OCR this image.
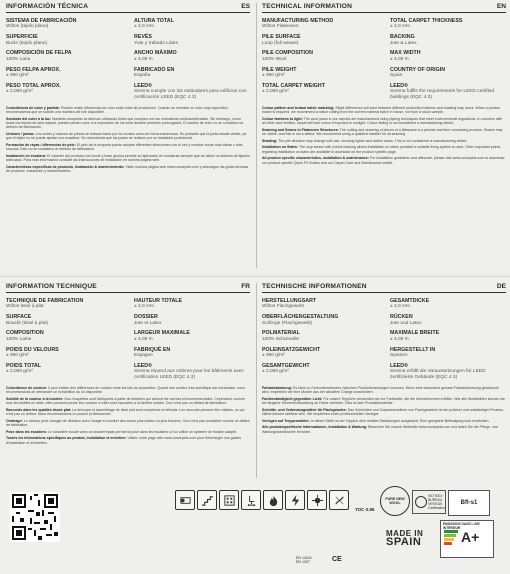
INFORMACIÓN TÉCNICA	ES
SISTEMA DE FABRICACIÓN
Wilton (tejido plano)
ALTURA TOTAL
± 4,0 mm
SUPERFICIE
Bucle (tejido plano)
REVÉS
Yute y trabado Látex
COMPOSICIÓN DE FELPA
100% Lana
ANCHO MÁXIMO
± 4,00 m
PESO FELPA APROX.
± 900 g/m²
FABRICADO EN
España
PESO TOTAL APROX.
± 2.000 g/m²
LEED®
Serena cumple con los estándares para edificios con certificación LEED (EQC 4.3)

Coincidencia de color y partida: Pueden existir diferencias de color entre lotes de producción. Cuando se necesite un color muy específico, recomendamos que se solicite una muestra del lote disponible.

Sombras del color a la luz: Nuestras moquetas se fabrican utilizando tintes que cumplen con las normativas medioambientales. Sin embargo, como todos los tejidos de lana natural, pueden perder color a la exposición de luz solar durante periodos prolongados. El cambio de color no se considera un defecto de fabricación.

Uniones / juntas: Los cortes y uniones de piezas se realizan tanto por los bordes como de forma transversal. Es probable que la junta resulte visible, ya que el tejido no se puede ajustar con exactitud. Se recomienda que las juntas se realicen por un instalador profesional.

Formación de rayas / diferencias de pelo: El pelo de la moqueta puede adoptar diferentes direcciones con el uso y mostrar zonas más claras o más oscuras. Esto no se considera un defecto de fabricación.

Instalación en escalera: El carácter del producto con bucle y base gruesa permite su aplicación en escaleras siempre que se utilice un sistema de fijación adecuado. Para más información consulte las instrucciones de instalación en nuestra página web.

Características específicas de producto, instalación & mantenimiento: Visite nuestra página web www.nocarpets.com y descargue las guías técnicas de producto, instalación y mantenimiento.

TECHNICAL INFORMATION	EN
MANUFACTURING METHOD
Wilton Flatwoven
TOTAL CARPET THICKNESS
± 4,0 mm
PILE SURFACE
Loop (full weave)
BACKING
Jute & Latex
PILE COMPOSITION
100% Wool
MAX WIDTH
± 4,00 m
PILE WEIGHT
± 900 g/m²
COUNTRY OF ORIGIN
Spain
TOTAL CARPET WEIGHT
± 2.000 g/m²
LEED®
Serena fulfils the requirements for LEED certified buildings (EQC 4.3)

Colour pattern and textual batch matching: Slight differences will exist between different production batches and shading may occur. When a precise match is required, we recommend a batch cutting from the current material batch in house, not from a stock sample.

Colour fastness to light: The wool yarns in our carpets are manufactured using dyeing techniques that meet environmental regulations. In common with all other wool textiles, carpet will lose colour if exposed to sunlight. Colour fading is not considered a manufacturing defect.

Seaming and Seams in Flatwoven Structures: The cutting and seaming of pieces of a flatweave is a precise and time consuming process. Seams may be visible, and this is not a defect. We recommend using a qualified installer for all seaming.

Shading: The pile direction may change with use, showing lighter and darker areas. This is not considered a manufacturing defect.

Installation on Stairs: The loop weave with a thick backing allows installation on stairs provided a suitable fixing system is used. Other important points regarding installation on stairs are available to download on the product specific page.

All product specific characteristics, installation & maintenance: For installation guidelines and aftercare, please visit www.nocarpets.com to download our product specific Quick Fit Guides and our Carpet Care and Maintenance leaflet.

INFORMATION TECHNIQUE	FR
TECHNIQUE DE FABRICATION
Wilton tissé à plat
HAUTEUR TOTALE
± 4,0 mm
SURFACE
Bouclé (tissé à plat)
DOSSIER
Jute et Latex
COMPOSITION
100% Laine
LARGEUR MAXIMALE
± 4,00 m
POIDS DU VELOURS
± 900 g/m²
FABRIQUÉ EN
Espagne
POIDS TOTAL
± 2.000 g/m²
LEED®
Serena répond aux critères pour les bâtiments avec certification LEED (EQC 4.3)

Coïncidence de couleur: Il peut exister des différences de couleur entre les lots de production. Quand une couleur très spécifique est nécessaire, nous recommandons de demander un échantillon du lot disponible.

Solidité de la couleur à la lumière: Nos moquettes sont fabriquées à partir de teintures qui suivent les normes environnementales. Cependant, comme tous les textiles en laine, elles peuvent perdre leur couleur si elles sont exposées à la lumière solaire. Ceci n'est pas un défaut de fabrication.

Raccords dans les qualités tissés plat: La découpe et assemblage de tissé plat sont complexes et délicats. Les raccords peuvent être visibles, ce qui n'est pas un défaut. Nous recommandons un poseur professionnel.

Ombrage: Le velours peut changer de direction avec l'usage et montrer des zones plus claires ou plus foncées. Ceci n'est pas considéré comme un défaut de fabrication.

Pose dans les escaliers: Le caractère bouclé avec un dossier épais permet la pose dans les escaliers si l'on utilise un système de fixation adapté.

Toutes les informations spécifiques au produit, installation et entretien: Visitez notre page web www.nocarpets.com pour télécharger nos guides d'installation et d'entretien.

TECHNISCHE INFORMATIONEN	DE
HERSTELLUNGSART
Wilton Flachgewebt
GESAMTDICKE
± 4,0 mm
OBERFLÄCHENGESTALTUNG
Schlinge (Flachgewebt)
RÜCKEN
Jute und Latex
POLMATERIAL
100% Schurwolle
MAXIMALE BREITE
± 4,00 m
POLEINSATZGEWICHT
± 900 g/m²
HERGESTELLT IN
Spanien
GESAMTGEWICHT
± 2.000 g/m²
LEED®
Serena erfüllt die Voraussetzungen für LEED zertifizierte Gebäude (EQC 4.3)

Farbabstimmung: Es kann zu Farbunterschieden zwischen Produktionschargen kommen. Wenn eine besonders genaue Farbabstimmung gewünscht wird, empfehlen wir eine Muster aus der aktuellen Charge anzufordern.

Farbbeständigkeit gegenüber Licht: Für unsere Teppiche verwenden wir nur Farbstoffe, die die Umweltnormen erfüllen. Wie alle Wolltextilien können sie bei längerer Sonneneinstrahlung an Farbe verlieren. Dies ist kein Produktionsfehler.

Schnitte- und Verbindungsnähte für Flachgewebe: Das Schneiden und Zusammennähen von Flachgeweben ist ein präziser und aufwändiger Prozess. Nähte können sichtbar sein. Wir empfehlen einen professionellen Verleger.

Verlegen auf Treppenstufen: In dieser Stelle ist der Teppich dem meisten Belastungen ausgesetzt. Eine geeignete Befestigung wird empfohlen.

Alle produktspezifische Informationen, Installation & Wartung: Besuchen Sie unsere Webseite www.nocarpets.com und laden Sie die Pflege- und Wartungshandbücher herunter.

TOC 0.86
PURE NEW WOOL
MADE IN
SPAIN
ISO 9001 · BUREAU VERITAS Certification
Bfl-s1
ÉMISSIONS DANS L'AIR INTÉRIEUR
A+
EN 14041
EN 1307	CE
